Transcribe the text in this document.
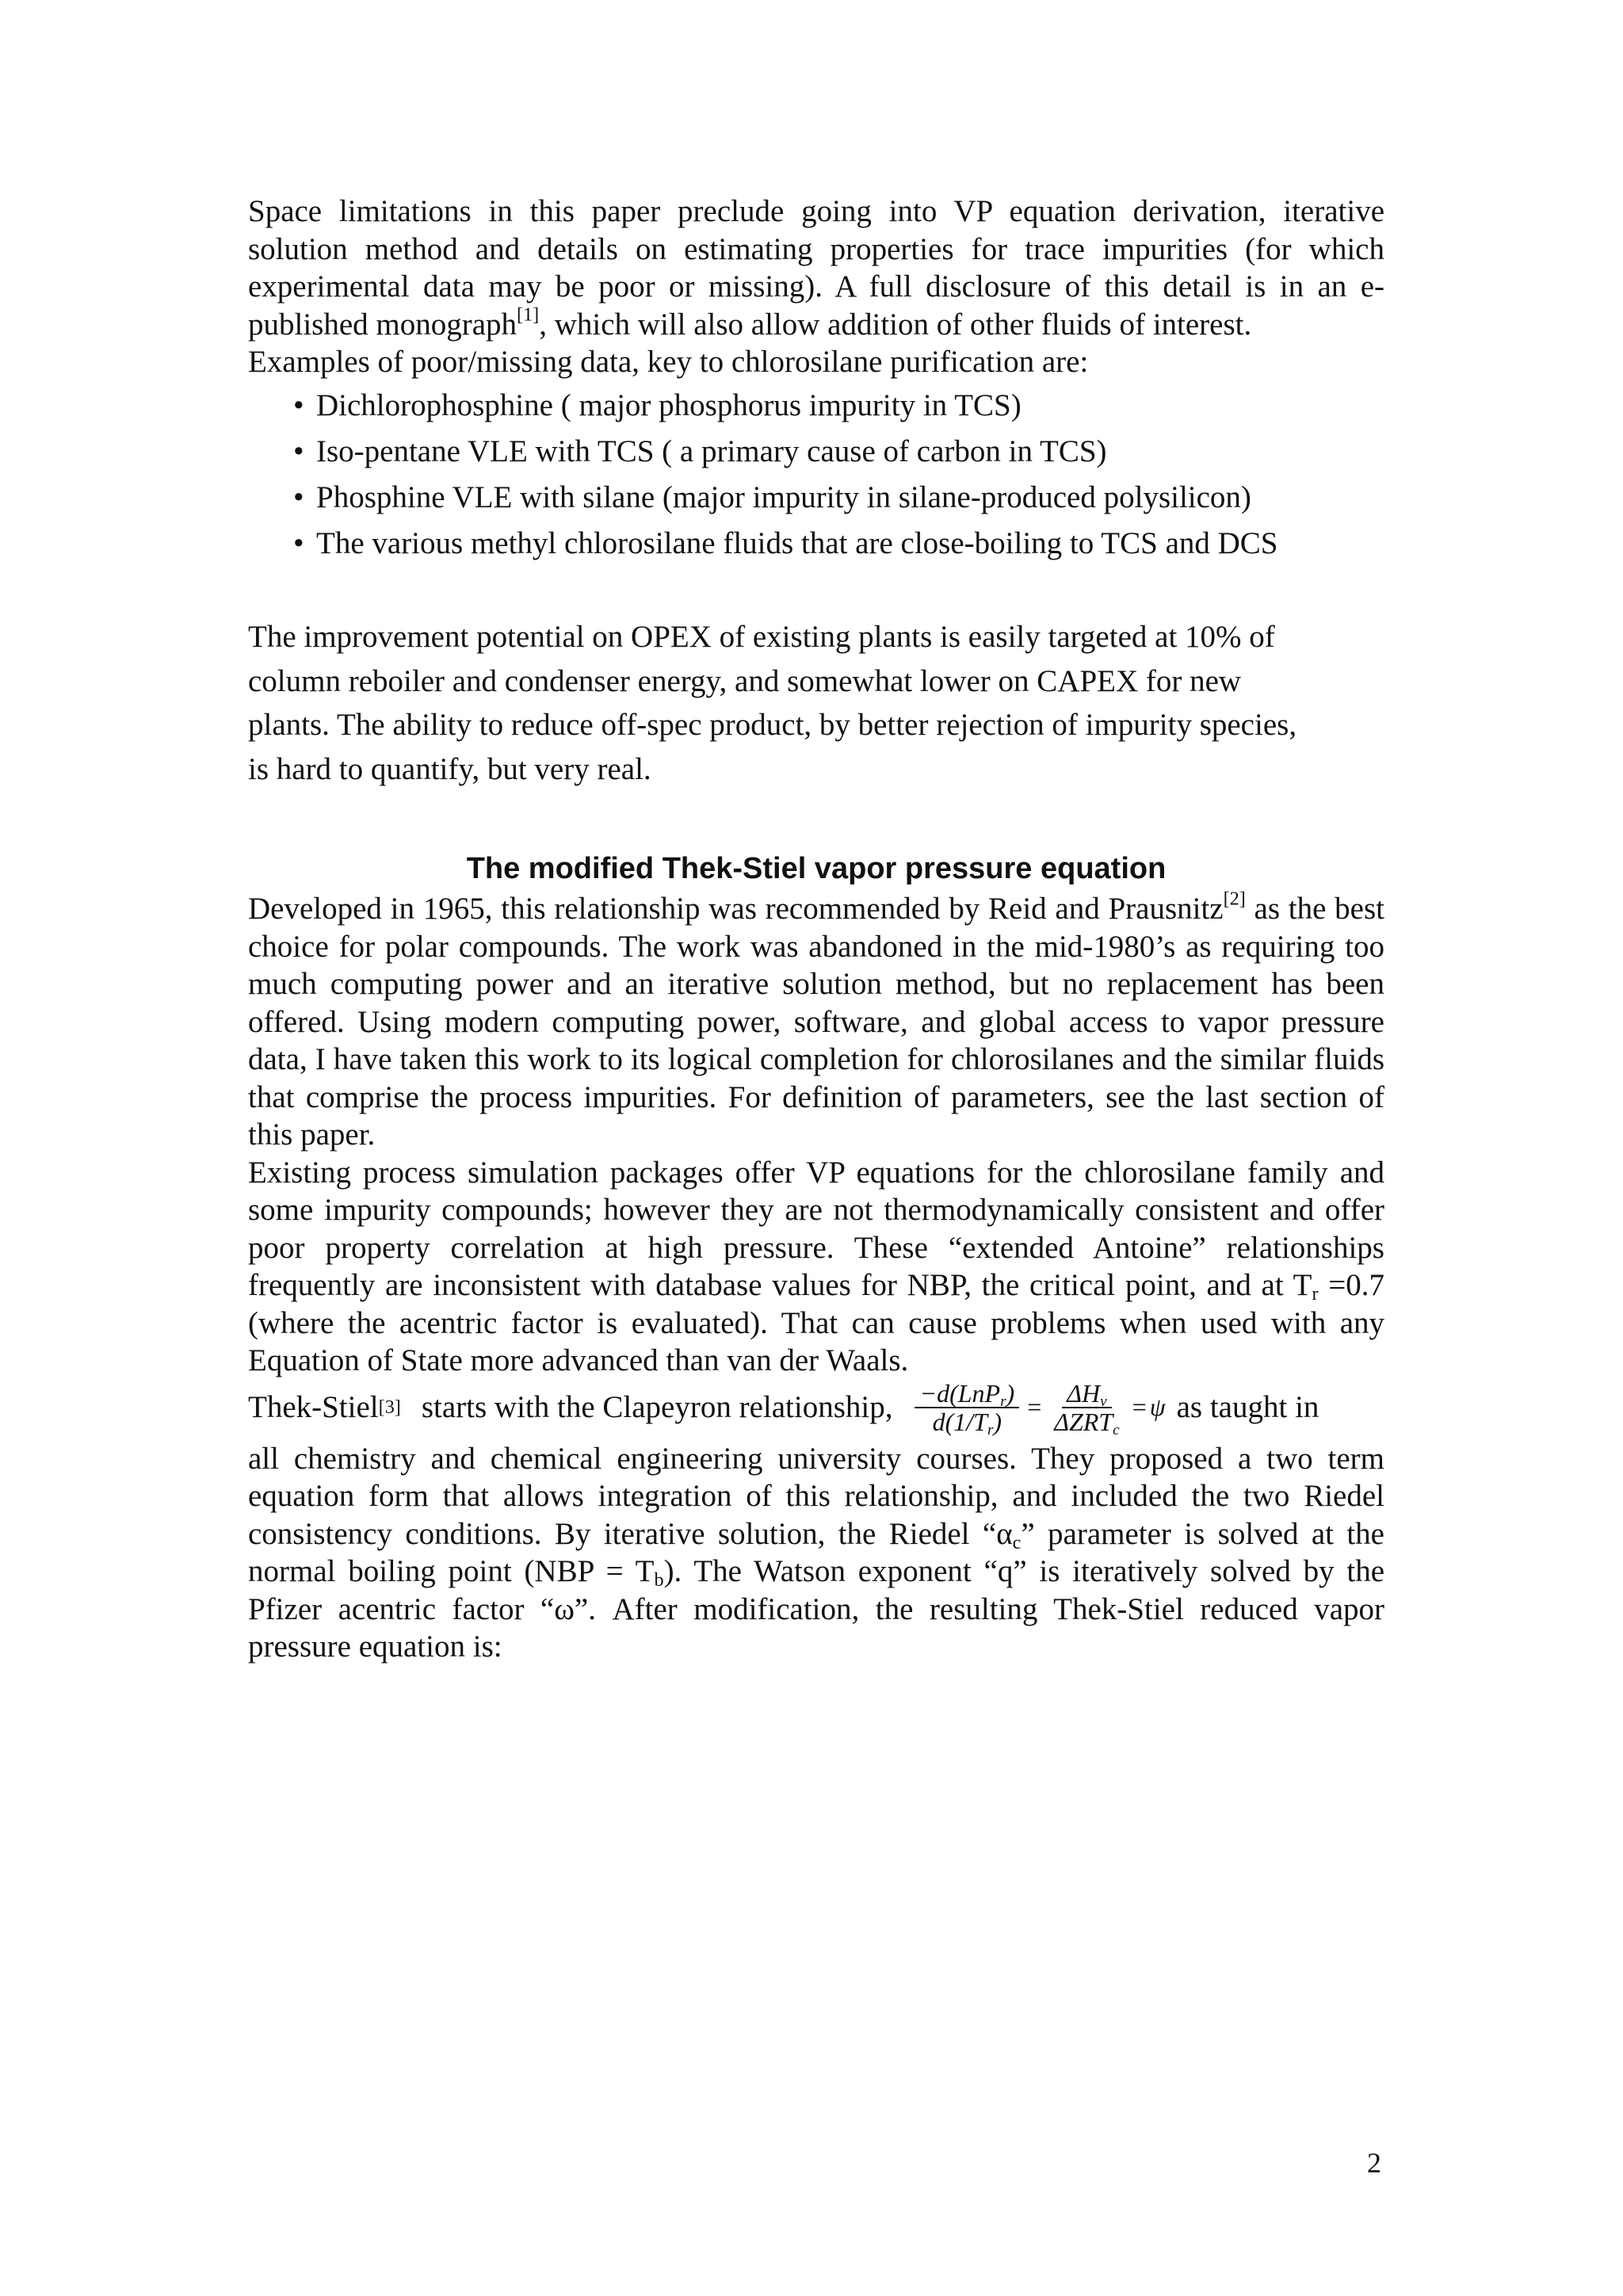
Space limitations in this paper preclude going into VP equation derivation, iterative solution method and details on estimating properties for trace impurities (for which experimental data may be poor or missing). A full disclosure of this detail is in an e-published monograph[1], which will also allow addition of other fluids of interest.

Examples of poor/missing data, key to chlorosilane purification are:

• Dichlorophosphine ( major phosphorus impurity in TCS)
• Iso-pentane VLE with TCS ( a primary cause of carbon in TCS)
• Phosphine VLE with silane (major impurity in silane-produced polysilicon)
• The various methyl chlorosilane fluids that are close-boiling to TCS and DCS

The improvement potential on OPEX of existing plants is easily targeted at 10% of

column reboiler and condenser energy, and somewhat lower on CAPEX for new

plants. The ability to reduce off-spec product, by better rejection of impurity species,

is hard to quantify, but very real.

The modified Thek-Stiel vapor pressure equation

Developed in 1965, this relationship was recommended by Reid and Prausnitz[2] as the best choice for polar compounds. The work was abandoned in the mid-1980’s as requiring too much computing power and an iterative solution method, but no replacement has been offered. Using modern computing power, software, and global access to vapor pressure data, I have taken this work to its logical completion for chlorosilanes and the similar fluids that comprise the process impurities. For definition of parameters, see the last section of this paper.

Existing process simulation packages offer VP equations for the chlorosilane family and some impurity compounds; however they are not thermodynamically consistent and offer poor property correlation at high pressure. These “extended Antoine” relationships frequently are inconsistent with database values for NBP, the critical point, and at $T_r =0.7$ (where the acentric factor is evaluated). That can cause problems when used with any Equation of State more advanced than van der Waals.

Thek-Stiel [3] starts with the Clapeyron relationship, $\frac{-d(LnP_r)}{d(1/T_r)} = \frac{\Delta H_v}{\Delta ZRT_c} = \psi$ as taught in

all chemistry and chemical engineering university courses. They proposed a two term equation form that allows integration of this relationship, and included the two Riedel consistency conditions. By iterative solution, the Riedel “$\alpha_c$” parameter is solved at the normal boiling point $(NBP = T_b)$. The Watson exponent “q” is iteratively solved by the Pfizer acentric factor “ω”. After modification, the resulting Thek-Stiel reduced vapor pressure equation is:

2
